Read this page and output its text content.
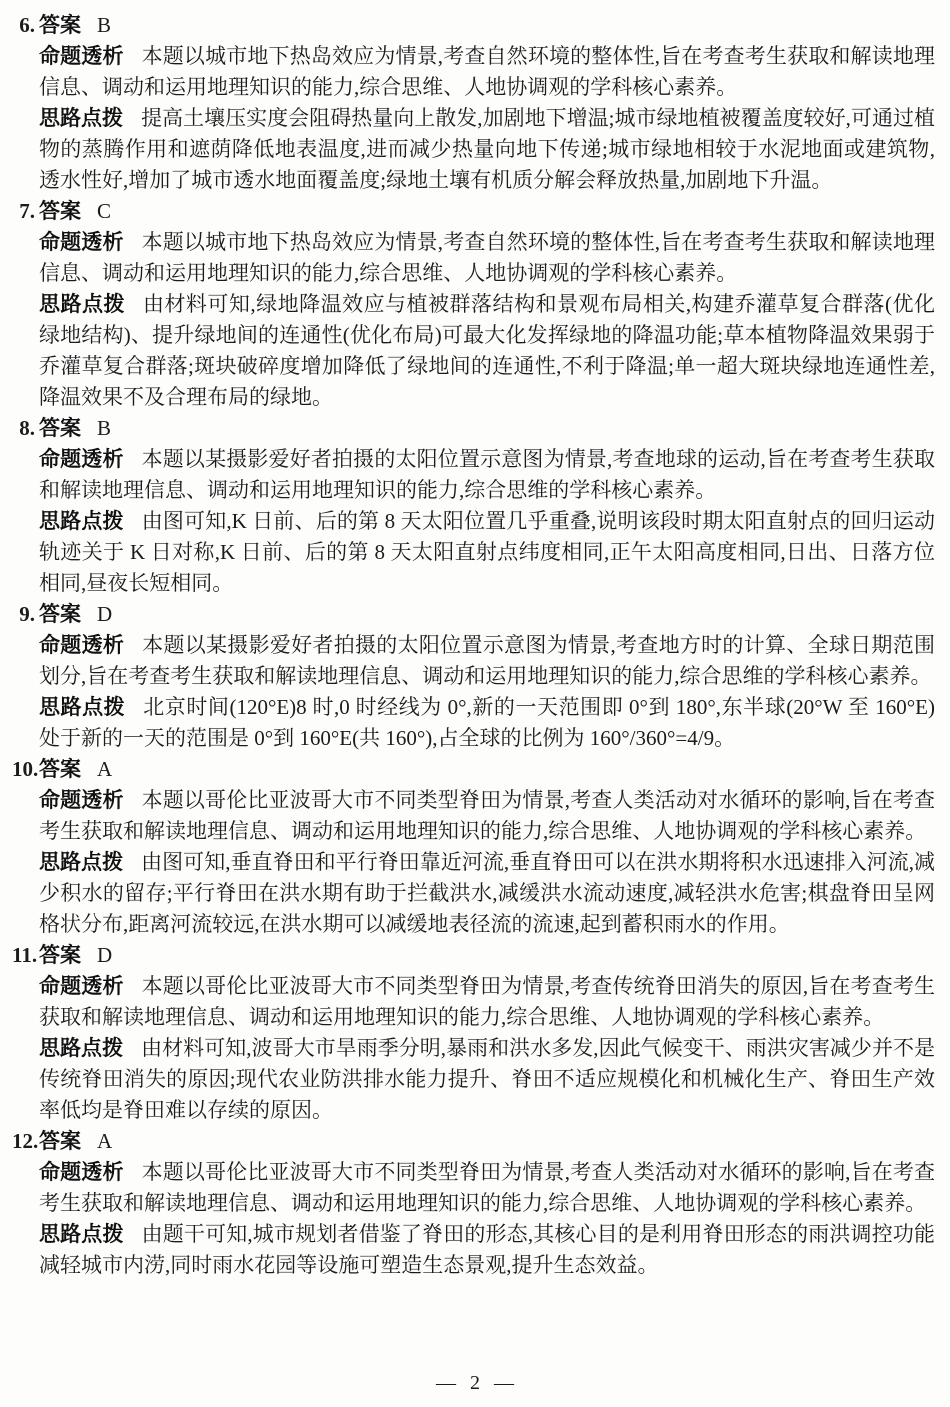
6. 答案 B

命题透析 本题以城市地下热岛效应为情景,考查自然环境的整体性,旨在考查考生获取和解读地理信息、调动和运用地理知识的能力,综合思维、人地协调观的学科核心素养。

思路点拨 提高土壤压实度会阻碍热量向上散发,加剧地下增温;城市绿地植被覆盖度较好,可通过植物的蒸腾作用和遮荫降低地表温度,进而减少热量向地下传递;城市绿地相较于水泥地面或建筑物,透水性好,增加了城市透水地面覆盖度;绿地土壤有机质分解会释放热量,加剧地下升温。

7. 答案 C

命题透析 本题以城市地下热岛效应为情景,考查自然环境的整体性,旨在考查考生获取和解读地理信息、调动和运用地理知识的能力,综合思维、人地协调观的学科核心素养。

思路点拨 由材料可知,绿地降温效应与植被群落结构和景观布局相关,构建乔灌草复合群落(优化绿地结构)、提升绿地间的连通性(优化布局)可最大化发挥绿地的降温功能;草本植物降温效果弱于乔灌草复合群落;斑块破碎度增加降低了绿地间的连通性,不利于降温;单一超大斑块绿地连通性差,降温效果不及合理布局的绿地。

8. 答案 B

命题透析 本题以某摄影爱好者拍摄的太阳位置示意图为情景,考查地球的运动,旨在考查考生获取和解读地理信息、调动和运用地理知识的能力,综合思维的学科核心素养。

思路点拨 由图可知,K 日前、后的第 8 天太阳位置几乎重叠,说明该段时期太阳直射点的回归运动轨迹关于 K 日对称,K 日前、后的第 8 天太阳直射点纬度相同,正午太阳高度相同,日出、日落方位相同,昼夜长短相同。

9. 答案 D

命题透析 本题以某摄影爱好者拍摄的太阳位置示意图为情景,考查地方时的计算、全球日期范围划分,旨在考查考生获取和解读地理信息、调动和运用地理知识的能力,综合思维的学科核心素养。

思路点拨 北京时间(120°E)8 时,0 时经线为 0°,新的一天范围即 0°到 180°,东半球(20°W 至 160°E)处于新的一天的范围是 0°到 160°E(共 160°),占全球的比例为 160°/360°=4/9。

10.答案 A

命题透析 本题以哥伦比亚波哥大市不同类型脊田为情景,考查人类活动对水循环的影响,旨在考查考生获取和解读地理信息、调动和运用地理知识的能力,综合思维、人地协调观的学科核心素养。

思路点拨 由图可知,垂直脊田和平行脊田靠近河流,垂直脊田可以在洪水期将积水迅速排入河流,减少积水的留存;平行脊田在洪水期有助于拦截洪水,减缓洪水流动速度,减轻洪水危害;棋盘脊田呈网格状分布,距离河流较远,在洪水期可以减缓地表径流的流速,起到蓄积雨水的作用。

11.答案 D

命题透析 本题以哥伦比亚波哥大市不同类型脊田为情景,考查传统脊田消失的原因,旨在考查考生获取和解读地理信息、调动和运用地理知识的能力,综合思维、人地协调观的学科核心素养。

思路点拨 由材料可知,波哥大市旱雨季分明,暴雨和洪水多发,因此气候变干、雨洪灾害减少并不是传统脊田消失的原因;现代农业防洪排水能力提升、脊田不适应规模化和机械化生产、脊田生产效率低均是脊田难以存续的原因。

12.答案 A

命题透析 本题以哥伦比亚波哥大市不同类型脊田为情景,考查人类活动对水循环的影响,旨在考查考生获取和解读地理信息、调动和运用地理知识的能力,综合思维、人地协调观的学科核心素养。

思路点拨 由题干可知,城市规划者借鉴了脊田的形态,其核心目的是利用脊田形态的雨洪调控功能减轻城市内涝,同时雨水花园等设施可塑造生态景观,提升生态效益。

— 2 —
